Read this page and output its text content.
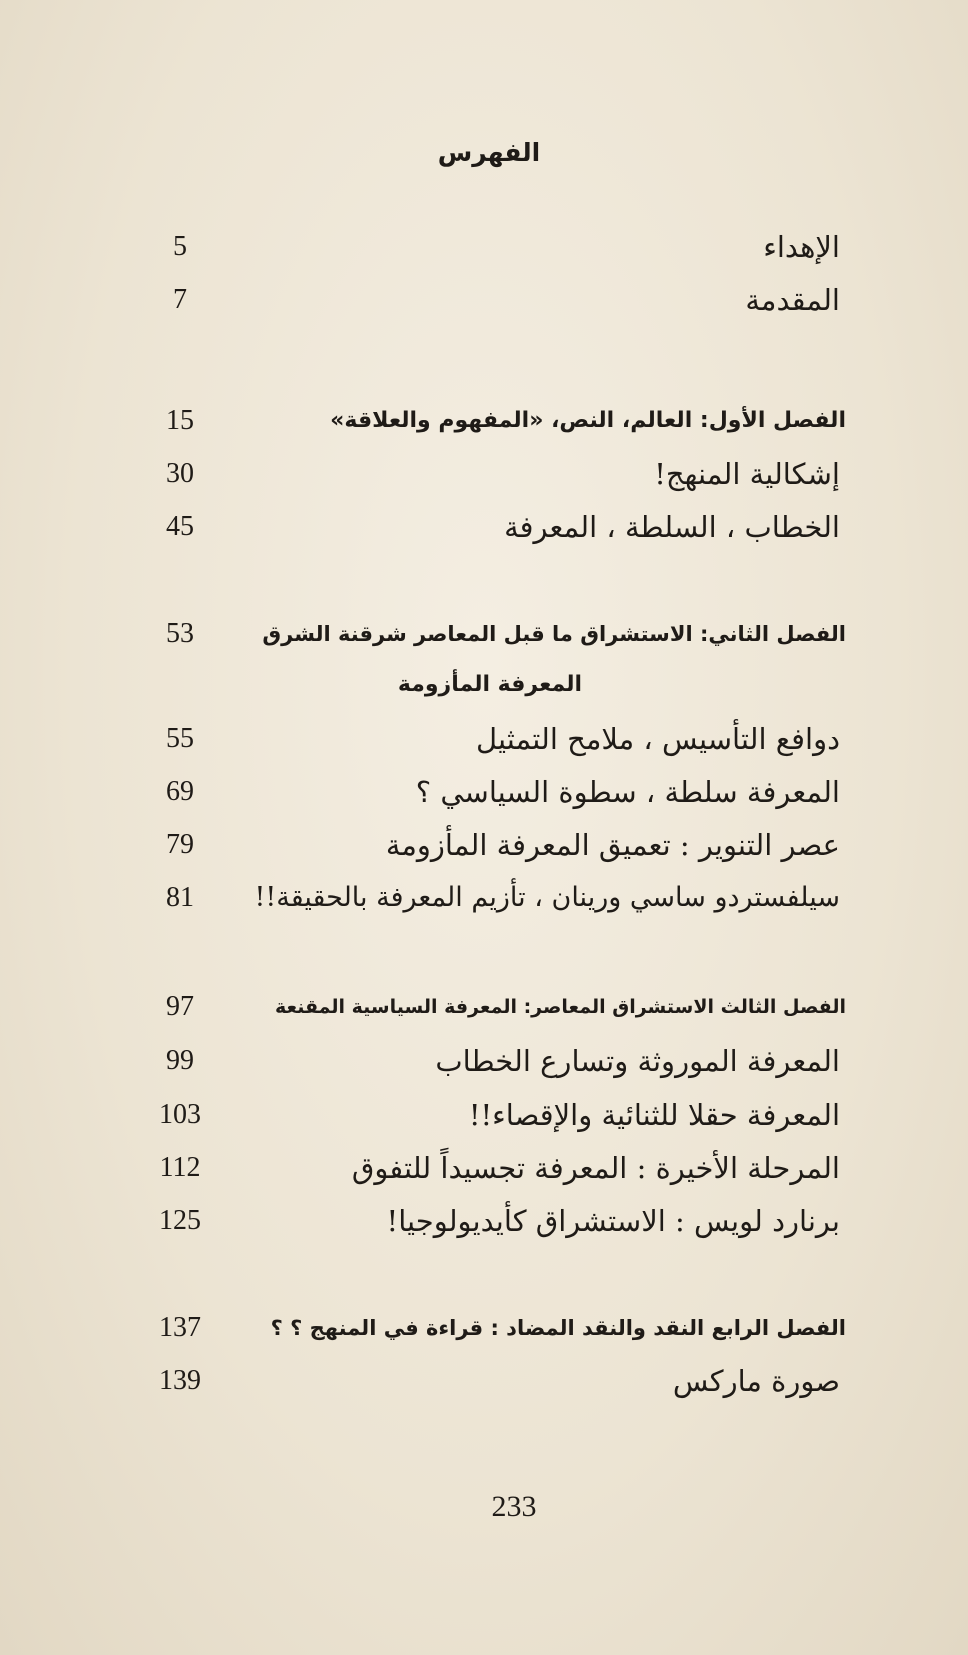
الفهرس
الإهداء
5
المقدمة
7
الفصل الأول: العالم، النص، «المفهوم والعلاقة»
15
إشكالية المنهج!
30
الخطاب ، السلطة ، المعرفة
45
الفصل الثاني: الاستشراق ما قبل المعاصر شرقنة الشرق
53
المعرفة المأزومة
دوافع التأسيس ، ملامح التمثيل
55
المعرفة سلطة ، سطوة السياسي ؟
69
عصر التنوير : تعميق المعرفة المأزومة
79
سيلفستردو ساسي ورينان ، تأزيم المعرفة بالحقيقة!!
81
الفصل الثالث الاستشراق المعاصر: المعرفة السياسية المقنعة
97
المعرفة الموروثة وتسارع الخطاب
99
المعرفة حقلا للثنائية والإقصاء!!
103
المرحلة الأخيرة : المعرفة تجسيداً للتفوق
112
برنارد لويس : الاستشراق كأيديولوجيا!
125
الفصل الرابع النقد والنقد المضاد : قراءة في المنهج ؟ ؟
137
صورة ماركس
139
233
